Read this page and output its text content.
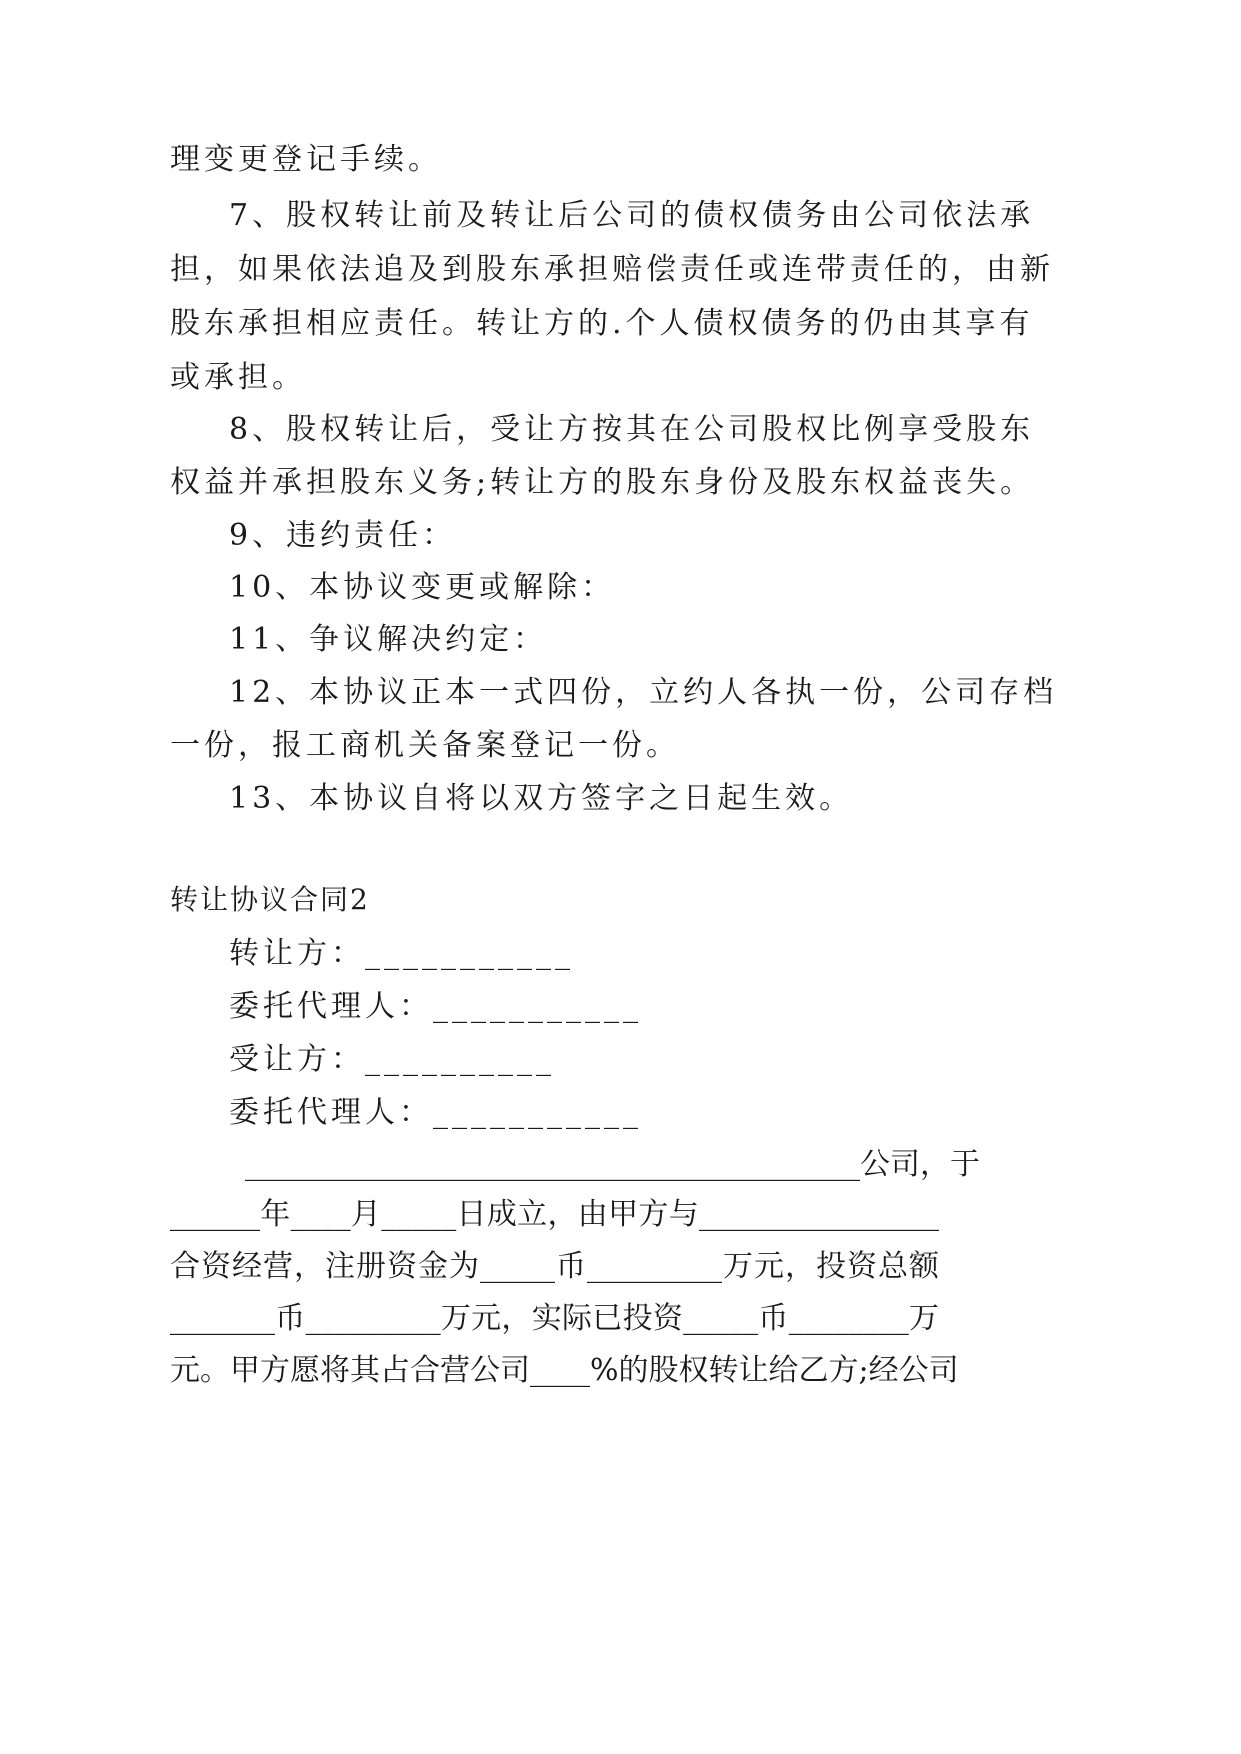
理变更登记手续。
7、股权转让前及转让后公司的债权债务由公司依法承
担，如果依法追及到股东承担赔偿责任或连带责任的，由新
股东承担相应责任。转让方的.个人债权债务的仍由其享有
或承担。
8、股权转让后，受让方按其在公司股权比例享受股东
权益并承担股东义务;转让方的股东身份及股东权益丧失。
9、违约责任：
10、本协议变更或解除：
11、争议解决约定：
12、本协议正本一式四份，立约人各执一份，公司存档
一份，报工商机关备案登记一份。
13、本协议自将以双方签字之日起生效。
转让协议合同2
转让方：___________
委托代理人：___________
受让方：__________
委托代理人：___________
_________________________________________公司，于
______年____月_____日成立，由甲方与________________
合资经营，注册资金为_____币_________万元，投资总额
_______币_________万元，实际已投资_____币________万
元。甲方愿将其占合营公司____%的股权转让给乙方;经公司
